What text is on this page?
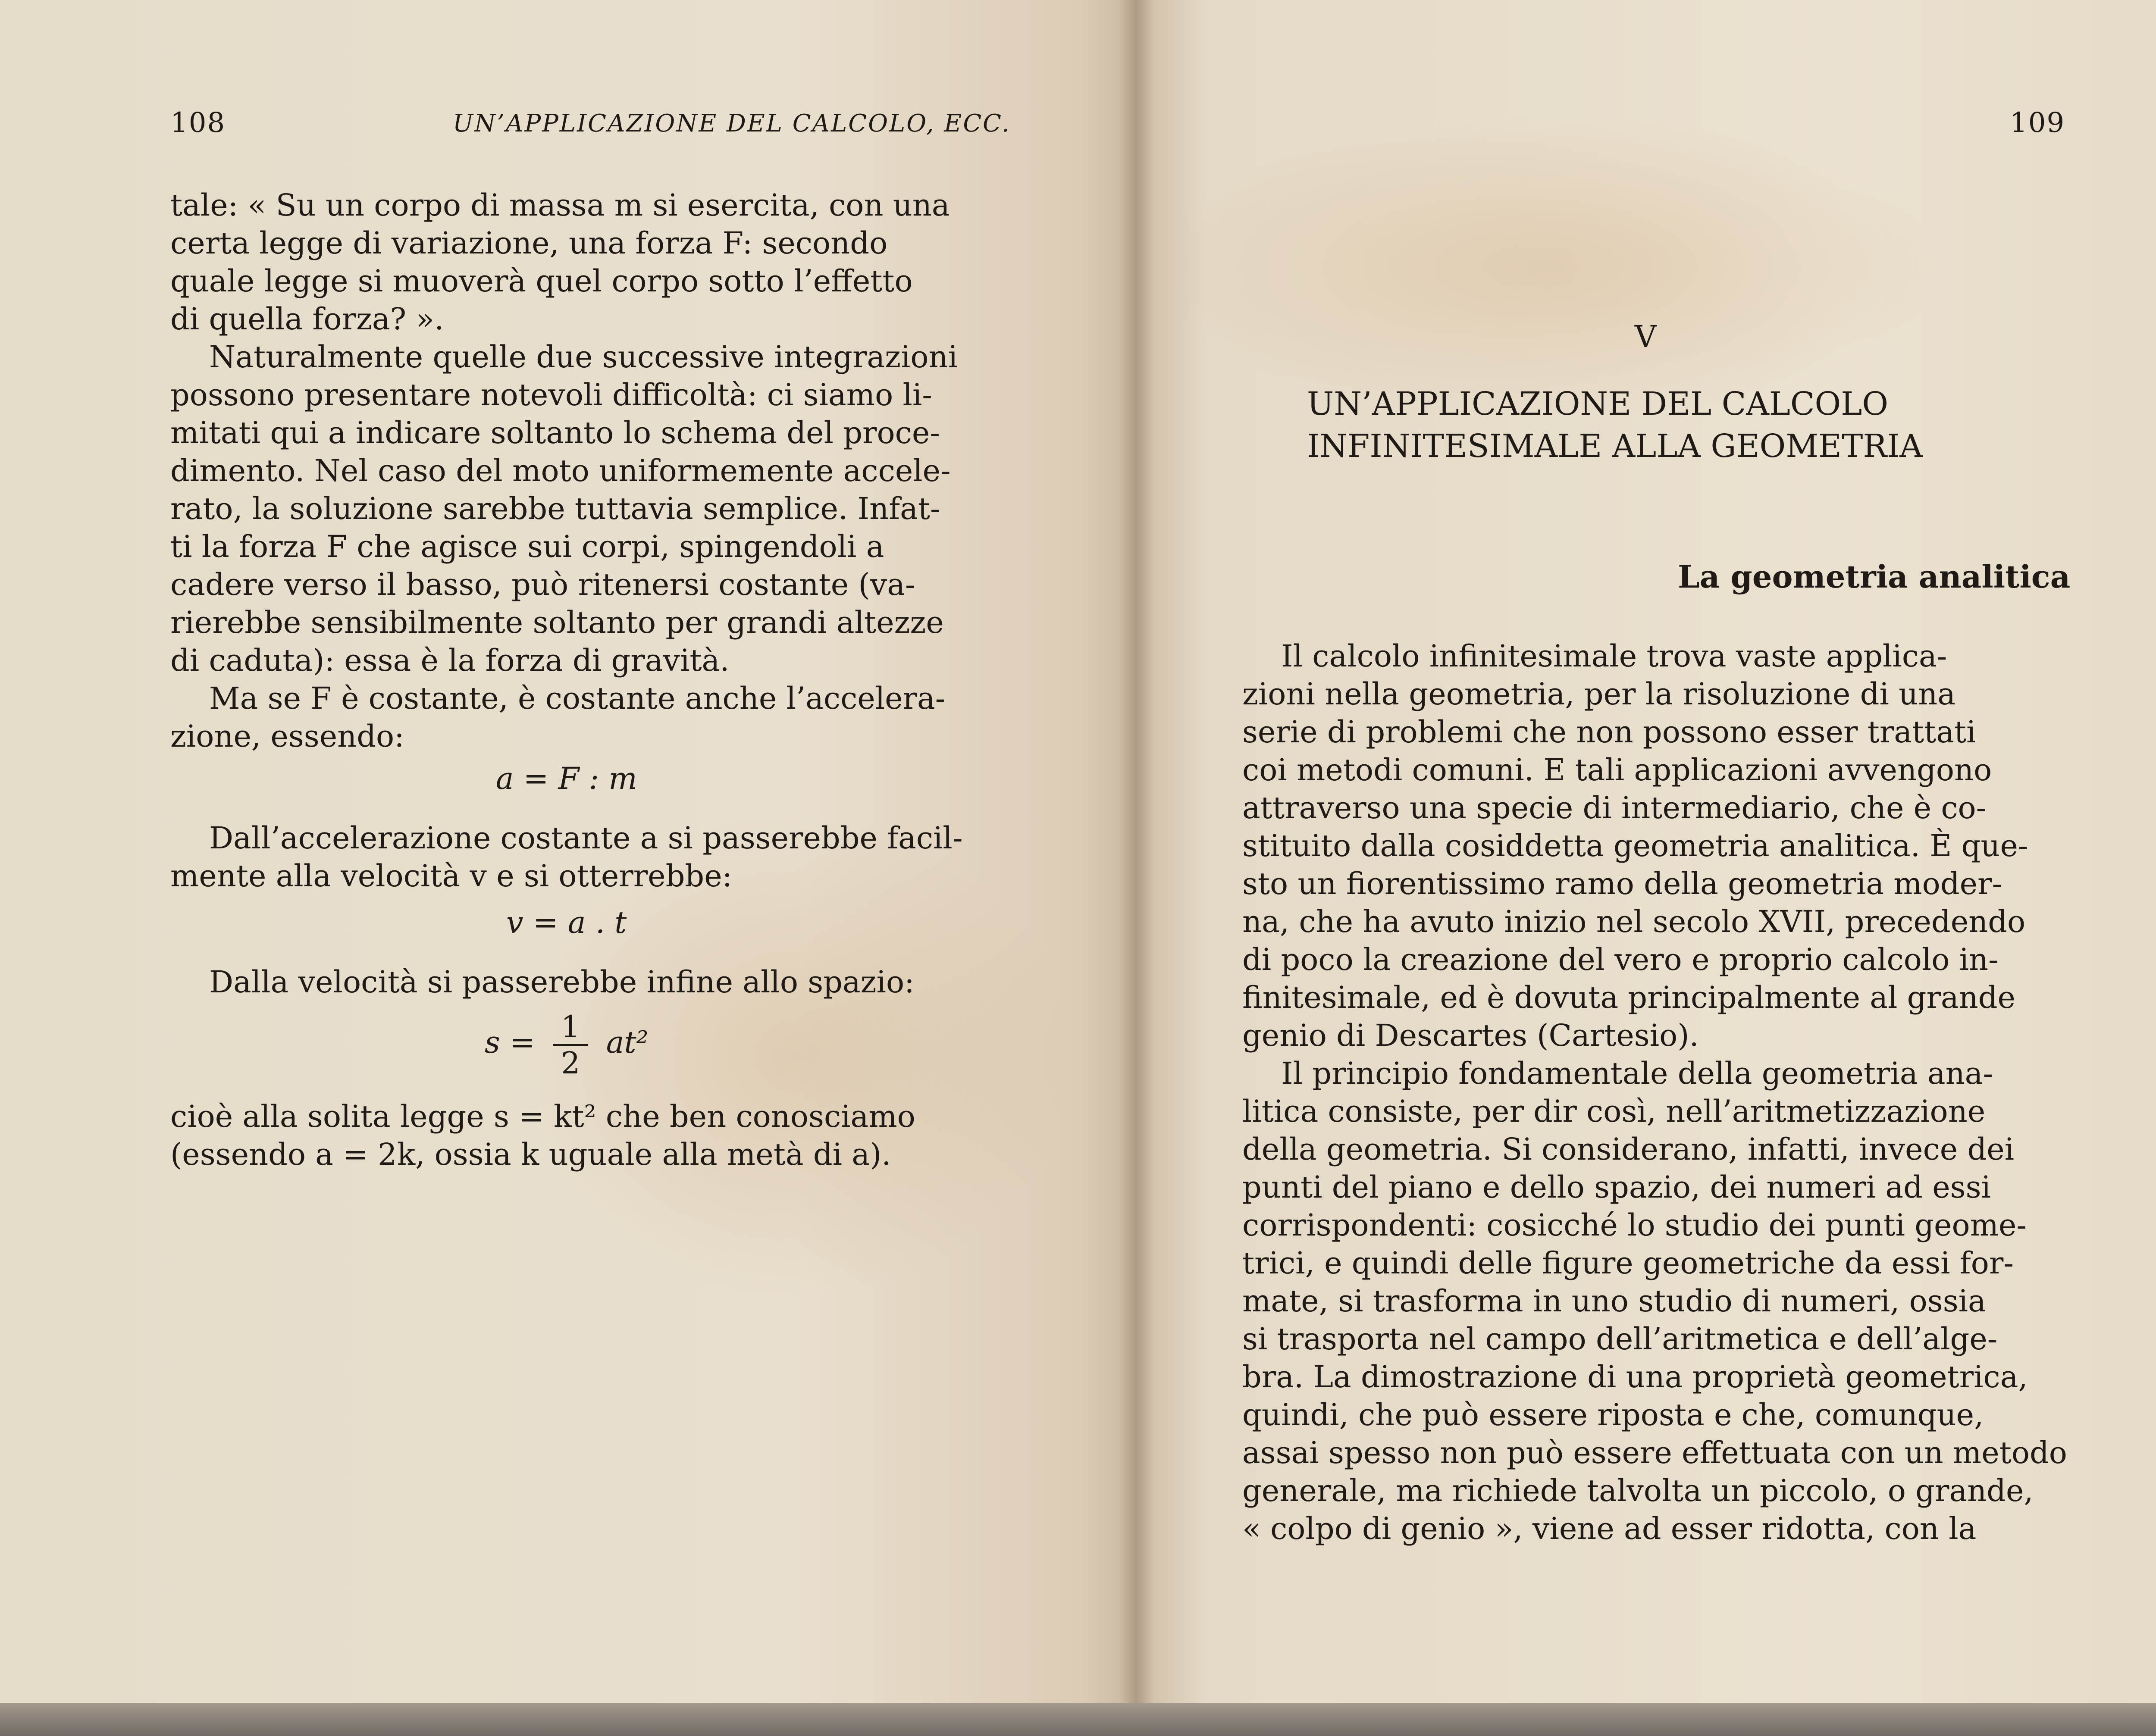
108	UN’APPLICAZIONE DEL CALCOLO, ECC.

tale: « Su un corpo di massa m si esercita, con una

certa legge di variazione, una forza F: secondo

quale legge si muoverà quel corpo sotto l’effetto

di quella forza? ».

Naturalmente quelle due successive integrazioni

possono presentare notevoli difficoltà: ci siamo li-

mitati qui a indicare soltanto lo schema del proce-

dimento. Nel caso del moto uniformemente accele-

rato, la soluzione sarebbe tuttavia semplice. Infat-

ti la forza F che agisce sui corpi, spingendoli a

cadere verso il basso, può ritenersi costante (va-

rierebbe sensibilmente soltanto per grandi altezze

di caduta): essa è la forza di gravità.

Ma se F è costante, è costante anche l’accelera-

zione, essendo:

a = F : m

Dall’accelerazione costante a si passerebbe facil-

mente alla velocità v e si otterrebbe:

v = a . t

Dalla velocità si passerebbe infine allo spazio:

$s = \frac{1}{2} at^2$

cioè alla solita legge s = kt² che ben conosciamo

(essendo a = 2k, ossia k uguale alla metà di a).

109
V
UN’APPLICAZIONE DEL CALCOLO
INFINITESIMALE ALLA GEOMETRIA
La geometria analitica

Il calcolo infinitesimale trova vaste applica-

zioni nella geometria, per la risoluzione di una

serie di problemi che non possono esser trattati

coi metodi comuni. E tali applicazioni avvengono

attraverso una specie di intermediario, che è co-

stituito dalla cosiddetta geometria analitica. È que-

sto un fiorentissimo ramo della geometria moder-

na, che ha avuto inizio nel secolo XVII, precedendo

di poco la creazione del vero e proprio calcolo in-

finitesimale, ed è dovuta principalmente al grande

genio di Descartes (Cartesio).

Il principio fondamentale della geometria ana-

litica consiste, per dir così, nell’aritmetizzazione

della geometria. Si considerano, infatti, invece dei

punti del piano e dello spazio, dei numeri ad essi

corrispondenti: cosicché lo studio dei punti geome-

trici, e quindi delle figure geometriche da essi for-

mate, si trasforma in uno studio di numeri, ossia

si trasporta nel campo dell’aritmetica e dell’alge-

bra. La dimostrazione di una proprietà geometrica,

quindi, che può essere riposta e che, comunque,

assai spesso non può essere effettuata con un metodo

generale, ma richiede talvolta un piccolo, o grande,

« colpo di genio », viene ad esser ridotta, con la
